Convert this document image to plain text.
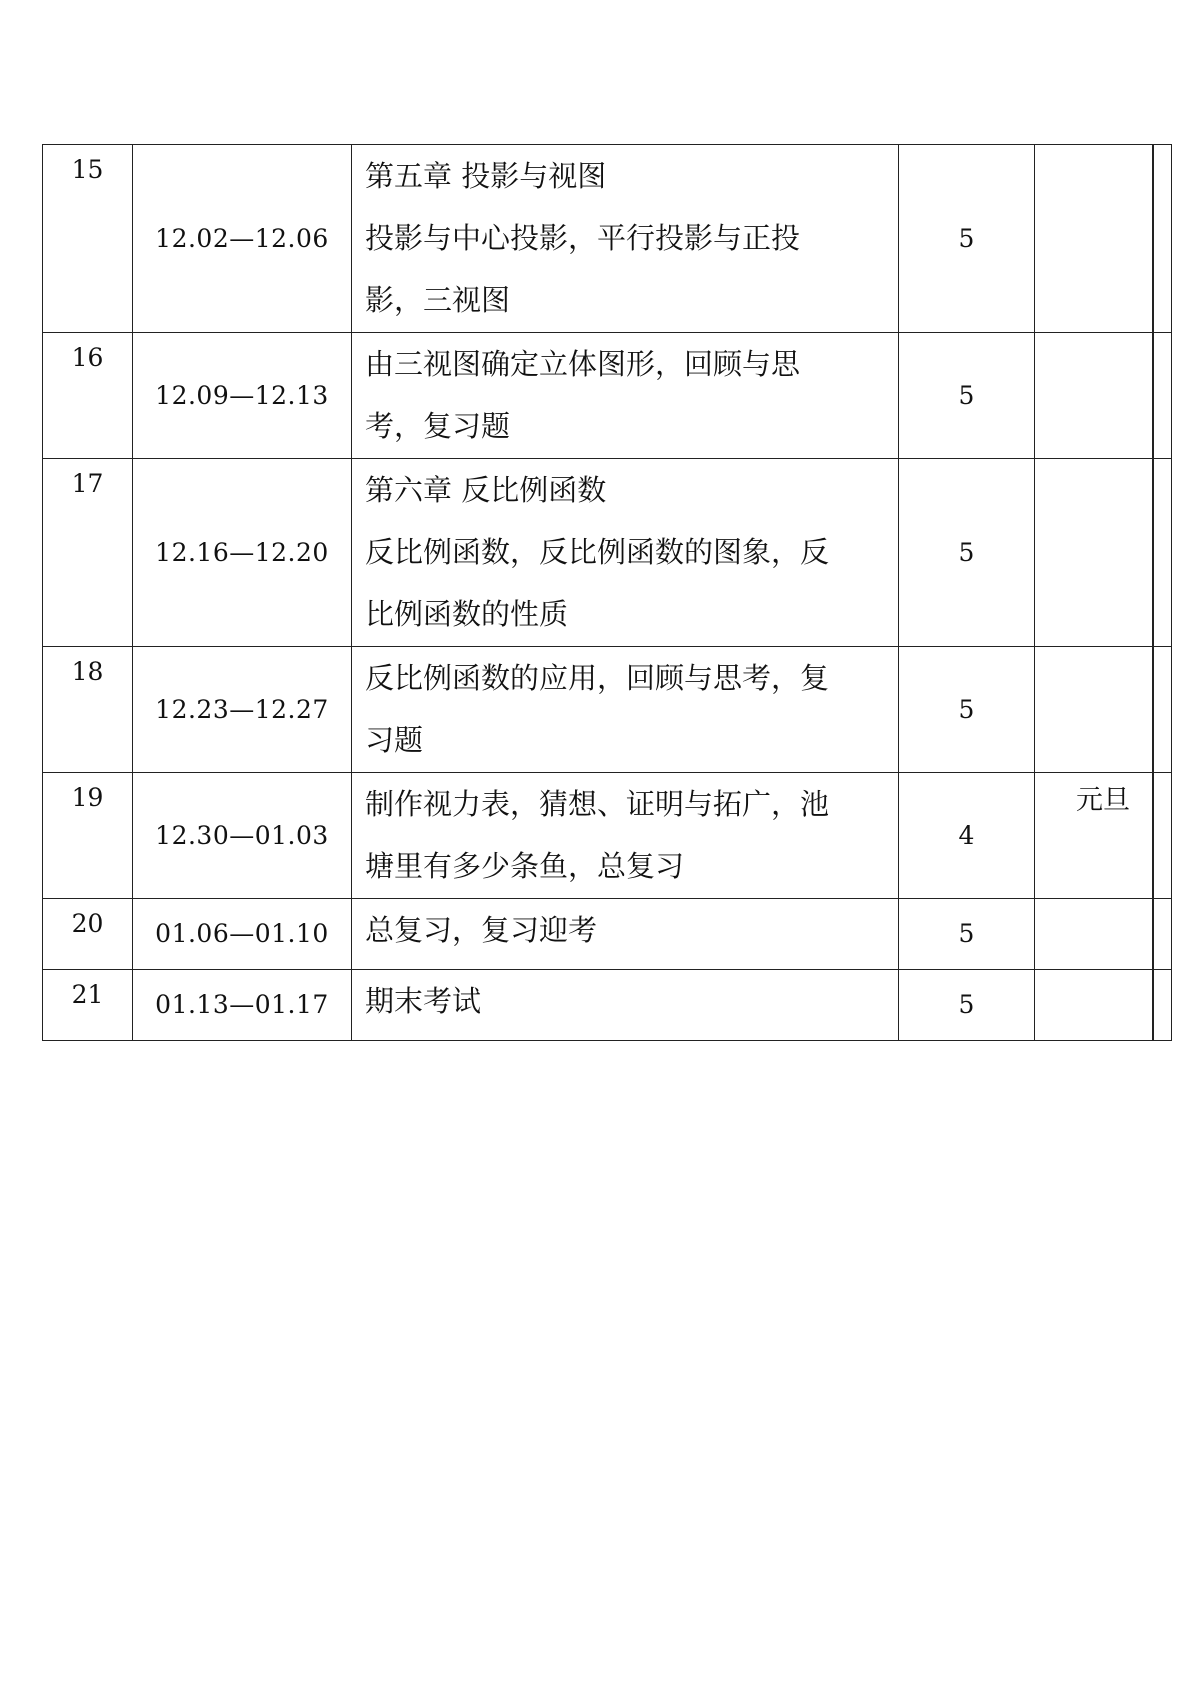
15	12.02—12.06	第五章 投影与视图
投影与中心投影，平行投影与正投
影，三视图	5	
16	12.09—12.13	由三视图确定立体图形，回顾与思
考，复习题	5	
17	12.16—12.20	第六章 反比例函数
反比例函数，反比例函数的图象，反
比例函数的性质	5	
18	12.23—12.27	反比例函数的应用，回顾与思考，复
习题	5	
19	12.30—01.03	制作视力表，猜想、证明与拓广，池
塘里有多少条鱼，总复习	4	元旦
20	01.06—01.10	总复习，复习迎考	5	
21	01.13—01.17	期末考试	5	
